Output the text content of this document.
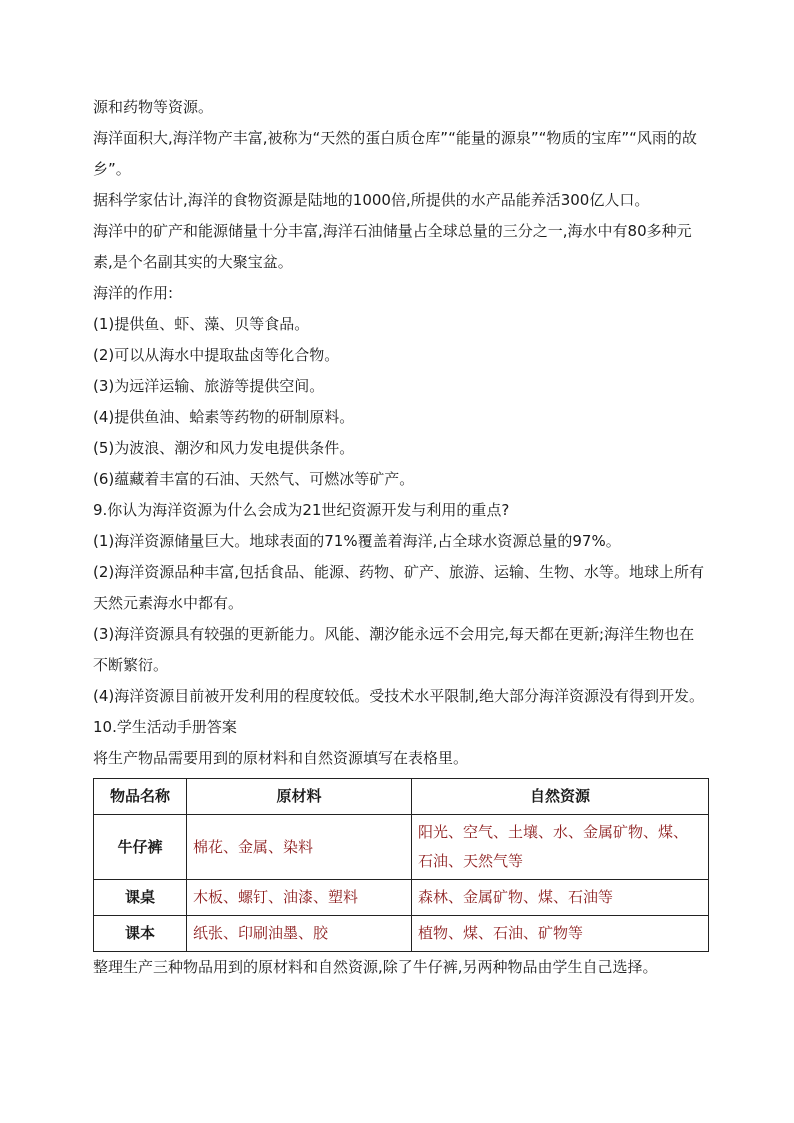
源和药物等资源。

海洋面积大,海洋物产丰富,被称为“天然的蛋白质仓库”“能量的源泉”“物质的宝库”“风雨的故乡”。

据科学家估计,海洋的食物资源是陆地的1000倍,所提供的水产品能养活300亿人口。

海洋中的矿产和能源储量十分丰富,海洋石油储量占全球总量的三分之一,海水中有80多种元素,是个名副其实的大聚宝盆。

海洋的作用:

(1)提供鱼、虾、藻、贝等食品。

(2)可以从海水中提取盐卤等化合物。

(3)为远洋运输、旅游等提供空间。

(4)提供鱼油、蛤素等药物的研制原料。

(5)为波浪、潮汐和风力发电提供条件。

(6)蕴藏着丰富的石油、天然气、可燃冰等矿产。

9.你认为海洋资源为什么会成为21世纪资源开发与利用的重点?

(1)海洋资源储量巨大。地球表面的71%覆盖着海洋,占全球水资源总量的97%。

(2)海洋资源品种丰富,包括食品、能源、药物、矿产、旅游、运输、生物、水等。地球上所有天然元素海水中都有。

(3)海洋资源具有较强的更新能力。风能、潮汐能永远不会用完,每天都在更新;海洋生物也在不断繁衍。

(4)海洋资源目前被开发利用的程度较低。受技术水平限制,绝大部分海洋资源没有得到开发。

10.学生活动手册答案

将生产物品需要用到的原材料和自然资源填写在表格里。

物品名称	原材料	自然资源
牛仔裤	棉花、金属、染料	阳光、空气、土壤、水、金属矿物、煤、石油、天然气等
课桌	木板、螺钉、油漆、塑料	森林、金属矿物、煤、石油等
课本	纸张、印刷油墨、胶	植物、煤、石油、矿物等

整理生产三种物品用到的原材料和自然资源,除了牛仔裤,另两种物品由学生自己选择。
